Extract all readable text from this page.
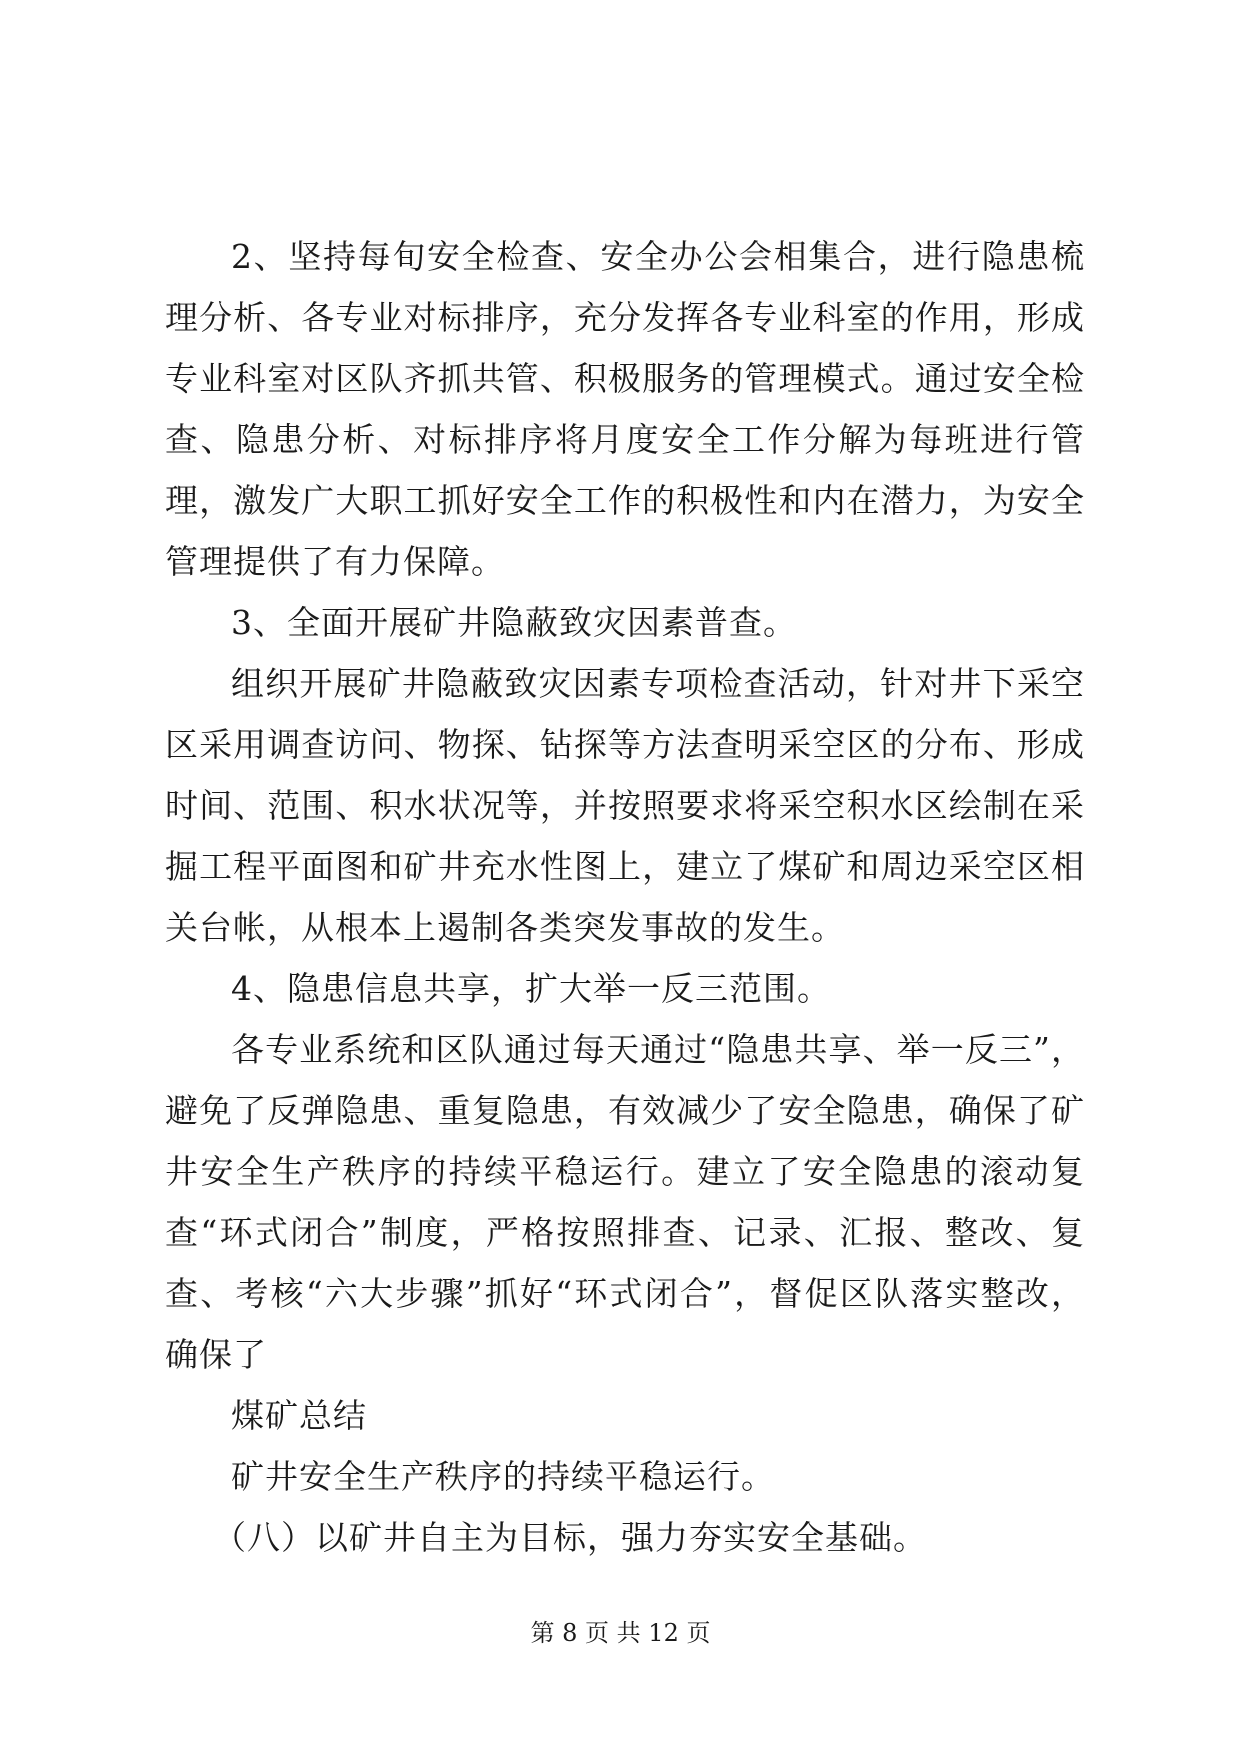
2、坚持每旬安全检查、安全办公会相集合，进行隐患梳理分析、各专业对标排序，充分发挥各专业科室的作用，形成专业科室对区队齐抓共管、积极服务的管理模式。通过安全检查、隐患分析、对标排序将月度安全工作分解为每班进行管理，激发广大职工抓好安全工作的积极性和内在潜力，为安全管理提供了有力保障。

3、全面开展矿井隐蔽致灾因素普查。

组织开展矿井隐蔽致灾因素专项检查活动，针对井下采空区采用调查访问、物探、钻探等方法查明采空区的分布、形成时间、范围、积水状况等，并按照要求将采空积水区绘制在采掘工程平面图和矿井充水性图上，建立了煤矿和周边采空区相关台帐，从根本上遏制各类突发事故的发生。

4、隐患信息共享，扩大举一反三范围。

各专业系统和区队通过每天通过“隐患共享、举一反三”，避免了反弹隐患、重复隐患，有效减少了安全隐患，确保了矿井安全生产秩序的持续平稳运行。建立了安全隐患的滚动复查“环式闭合”制度，严格按照排查、记录、汇报、整改、复查、考核“六大步骤”抓好“环式闭合”，督促区队落实整改，确保了

煤矿总结

矿井安全生产秩序的持续平稳运行。

（八）以矿井自主为目标，强力夯实安全基础。

第 8 页 共 12 页
